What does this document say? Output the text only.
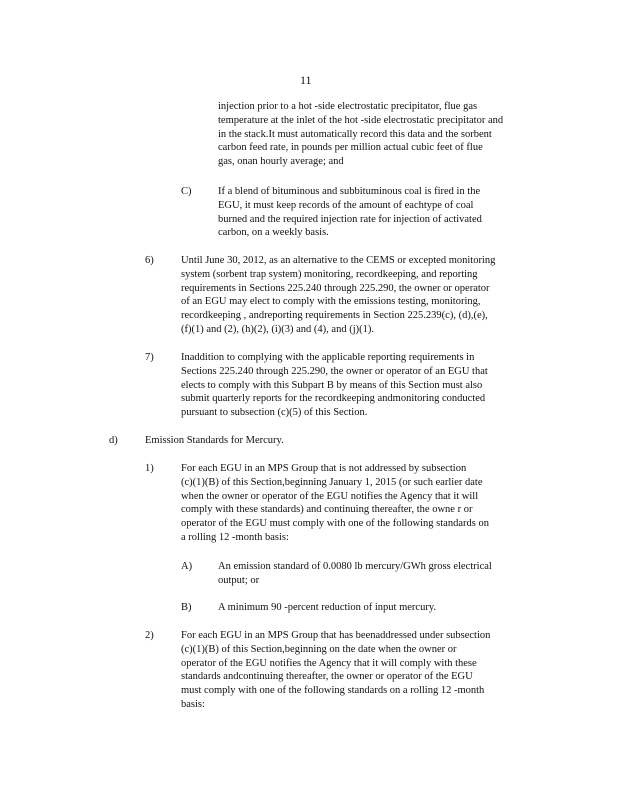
11
injection prior to a hot -side electrostatic precipitator, flue gas
temperature at the inlet of the hot -side electrostatic precipitator and
in the stack.It must automatically record this data and the sorbent
carbon feed rate, in pounds per million actual cubic feet of flue
gas, onan hourly average; and
C)	If a blend of bituminous and subbituminous coal is fired in the
EGU, it must keep records of the amount of eachtype of coal
burned and the required injection rate for injection of activated
carbon, on a weekly basis.
6)	Until June 30, 2012, as an alternative to the CEMS or excepted monitoring
system (sorbent trap system) monitoring, recordkeeping, and reporting
requirements in Sections 225.240 through 225.290, the owner or operator
of an EGU may elect to comply with the emissions testing, monitoring,
recordkeeping , andreporting requirements in Section 225.239(c), (d),(e),
(f)(1) and (2), (h)(2), (i)(3) and (4), and (j)(1).
7)	Inaddition to complying with the applicable reporting requirements in
Sections 225.240 through 225.290, the owner or operator of an EGU that
elects to comply with this Subpart B by means of this Section must also
submit quarterly reports for the recordkeeping andmonitoring conducted
pursuant to subsection (c)(5) of this Section.
d)	Emission Standards for Mercury.
1)	For each EGU in an MPS Group that is not addressed by subsection
(c)(1)(B) of this Section,beginning January 1, 2015 (or such earlier date
when the owner or operator of the EGU notifies the Agency that it will
comply with these standards) and continuing thereafter, the owne r or
operator of the EGU must comply with one of the following standards on
a rolling 12 -month basis:
A) An emission standard of 0.0080 lb mercury/GWh gross electrical
output; or
B)	A minimum 90 -percent reduction of input mercury.
2)	For each EGU in an MPS Group that has beenaddressed under subsection
(c)(1)(B) of this Section,beginning on the date when the owner or
operator of the EGU notifies the Agency that it will comply with these
standards andcontinuing thereafter, the owner or operator of the EGU
must comply with one of the following standards on a rolling 12 -month
basis:
